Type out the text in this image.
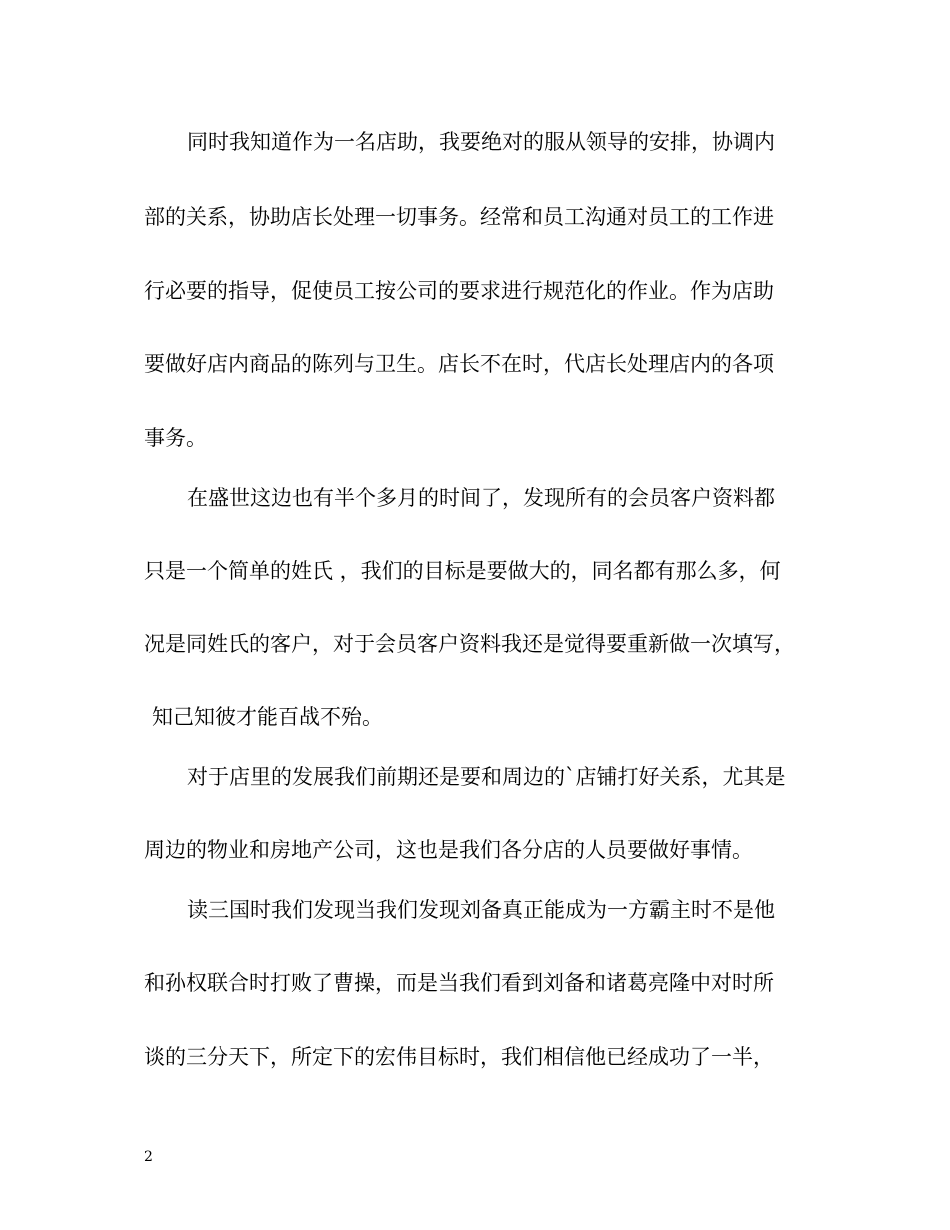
同时我知道作为一名店助，我要绝对的服从领导的安排，协调内
部的关系，协助店长处理一切事务。经常和员工沟通对员工的工作进
行必要的指导，促使员工按公司的要求进行规范化的作业。作为店助
要做好店内商品的陈列与卫生。店长不在时，代店长处理店内的各项
事务。
在盛世这边也有半个多月的时间了，发现所有的会员客户资料都
只是一个简单的姓氏 ，我们的目标是要做大的，同名都有那么多，何
况是同姓氏的客户，对于会员客户资料我还是觉得要重新做一次填写，
知己知彼才能百战不殆。
对于店里的发展我们前期还是要和周边的`店铺打好关系，尤其是
周边的物业和房地产公司，这也是我们各分店的人员要做好事情。
读三国时我们发现当我们发现刘备真正能成为一方霸主时不是他
和孙权联合时打败了曹操，而是当我们看到刘备和诸葛亮隆中对时所
谈的三分天下，所定下的宏伟目标时，我们相信他已经成功了一半，
2
